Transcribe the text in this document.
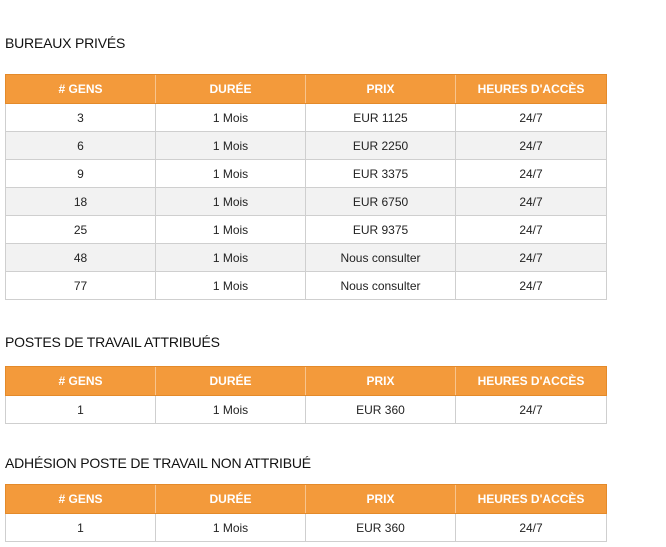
BUREAUX PRIVÉS
# GENS	DURÉE	PRIX	HEURES D'ACCÈS
3	1 Mois	EUR 1125	24/7
6	1 Mois	EUR 2250	24/7
9	1 Mois	EUR 3375	24/7
18	1 Mois	EUR 6750	24/7
25	1 Mois	EUR 9375	24/7
48	1 Mois	Nous consulter	24/7
77	1 Mois	Nous consulter	24/7
POSTES DE TRAVAIL ATTRIBUÉS
# GENS	DURÉE	PRIX	HEURES D'ACCÈS
1	1 Mois	EUR 360	24/7
ADHÉSION POSTE DE TRAVAIL NON ATTRIBUÉ
# GENS	DURÉE	PRIX	HEURES D'ACCÈS
1	1 Mois	EUR 360	24/7
